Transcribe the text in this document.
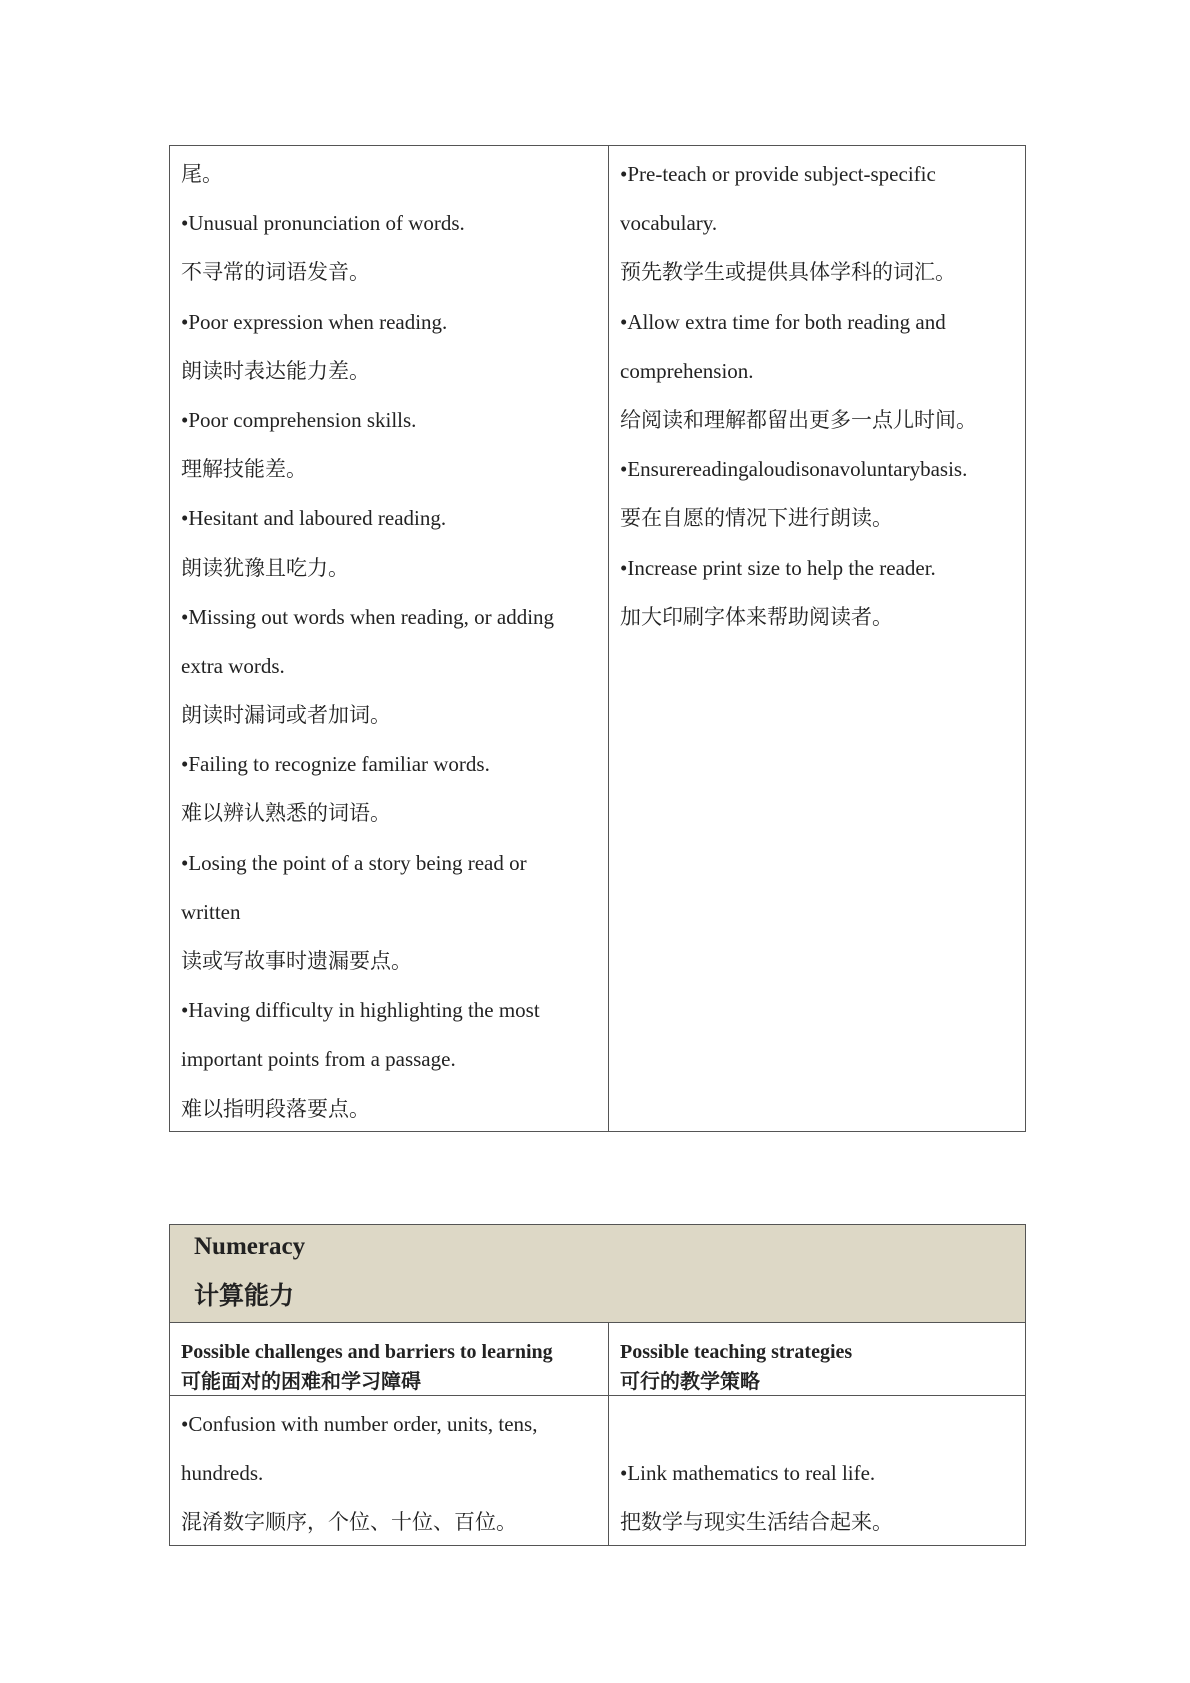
尾。
•Unusual pronunciation of words.
不寻常的词语发音。
•Poor expression when reading.
朗读时表达能力差。
•Poor comprehension skills.
理解技能差。
•Hesitant and laboured reading.
朗读犹豫且吃力。
•Missing out words when reading, or adding
extra words.
朗读时漏词或者加词。
•Failing to recognize familiar words.
难以辨认熟悉的词语。
•Losing the point of a story being read or
written
读或写故事时遗漏要点。
•Having difficulty in highlighting the most
important points from a passage.
难以指明段落要点。
•Pre-teach or provide subject-specific
vocabulary.
预先教学生或提供具体学科的词汇。
•Allow extra time for both reading and
comprehension.
给阅读和理解都留出更多一点儿时间。
•Ensurereadingaloudisonavoluntarybasis.
要在自愿的情况下进行朗读。
•Increase print size to help the reader.
加大印刷字体来帮助阅读者。
Numeracy
计算能力
Possible challenges and barriers to learning
可能面对的困难和学习障碍
Possible teaching strategies
可行的教学策略
•Confusion with number order, units, tens,
hundreds.
混淆数字顺序，个位、十位、百位。
•Link mathematics to real life.
把数学与现实生活结合起来。
